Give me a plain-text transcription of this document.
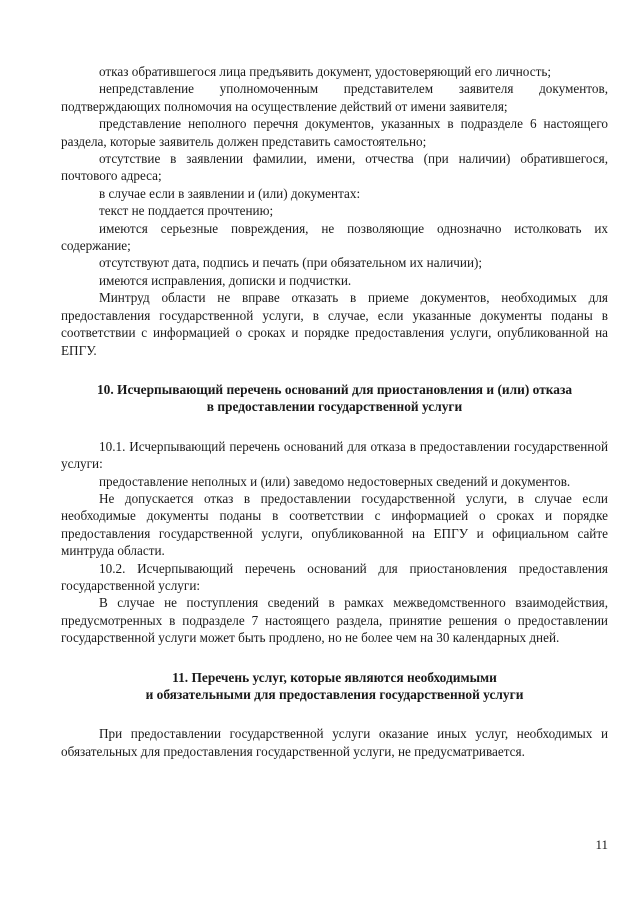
отказ обратившегося лица предъявить документ, удостоверяющий его личность;

непредставление уполномоченным представителем заявителя документов, подтверждающих полномочия на осуществление действий от имени заявителя;

представление неполного перечня документов, указанных в подразделе 6 настоящего раздела, которые заявитель должен представить самостоятельно;

отсутствие в заявлении фамилии, имени, отчества (при наличии) обратившегося, почтового адреса;

в случае если в заявлении и (или) документах:

текст не поддается прочтению;

имеются серьезные повреждения, не позволяющие однозначно истолковать их содержание;

отсутствуют дата, подпись и печать (при обязательном их наличии);

имеются исправления, дописки и подчистки.

Минтруд области не вправе отказать в приеме документов, необходимых для предоставления государственной услуги, в случае, если указанные документы поданы в соответствии с информацией о сроках и порядке предоставления услуги, опубликованной на ЕПГУ.

10. Исчерпывающий перечень оснований для приостановления и (или) отказа
в предоставлении государственной услуги

10.1. Исчерпывающий перечень оснований для отказа в предоставлении государственной услуги:

предоставление неполных и (или) заведомо недостоверных сведений и документов.

Не допускается отказ в предоставлении государственной услуги, в случае если необходимые документы поданы в соответствии с информацией о сроках и порядке предоставления государственной услуги, опубликованной на ЕПГУ и официальном сайте минтруда области.

10.2. Исчерпывающий перечень оснований для приостановления предоставления государственной услуги:

В случае не поступления сведений в рамках межведомственного взаимодействия, предусмотренных в подразделе 7 настоящего раздела, принятие решения о предоставлении государственной услуги может быть продлено, но не более чем на 30 календарных дней.

11. Перечень услуг, которые являются необходимыми
и обязательными для предоставления государственной услуги

При предоставлении государственной услуги оказание иных услуг, необходимых и обязательных для предоставления государственной услуги, не предусматривается.

11
